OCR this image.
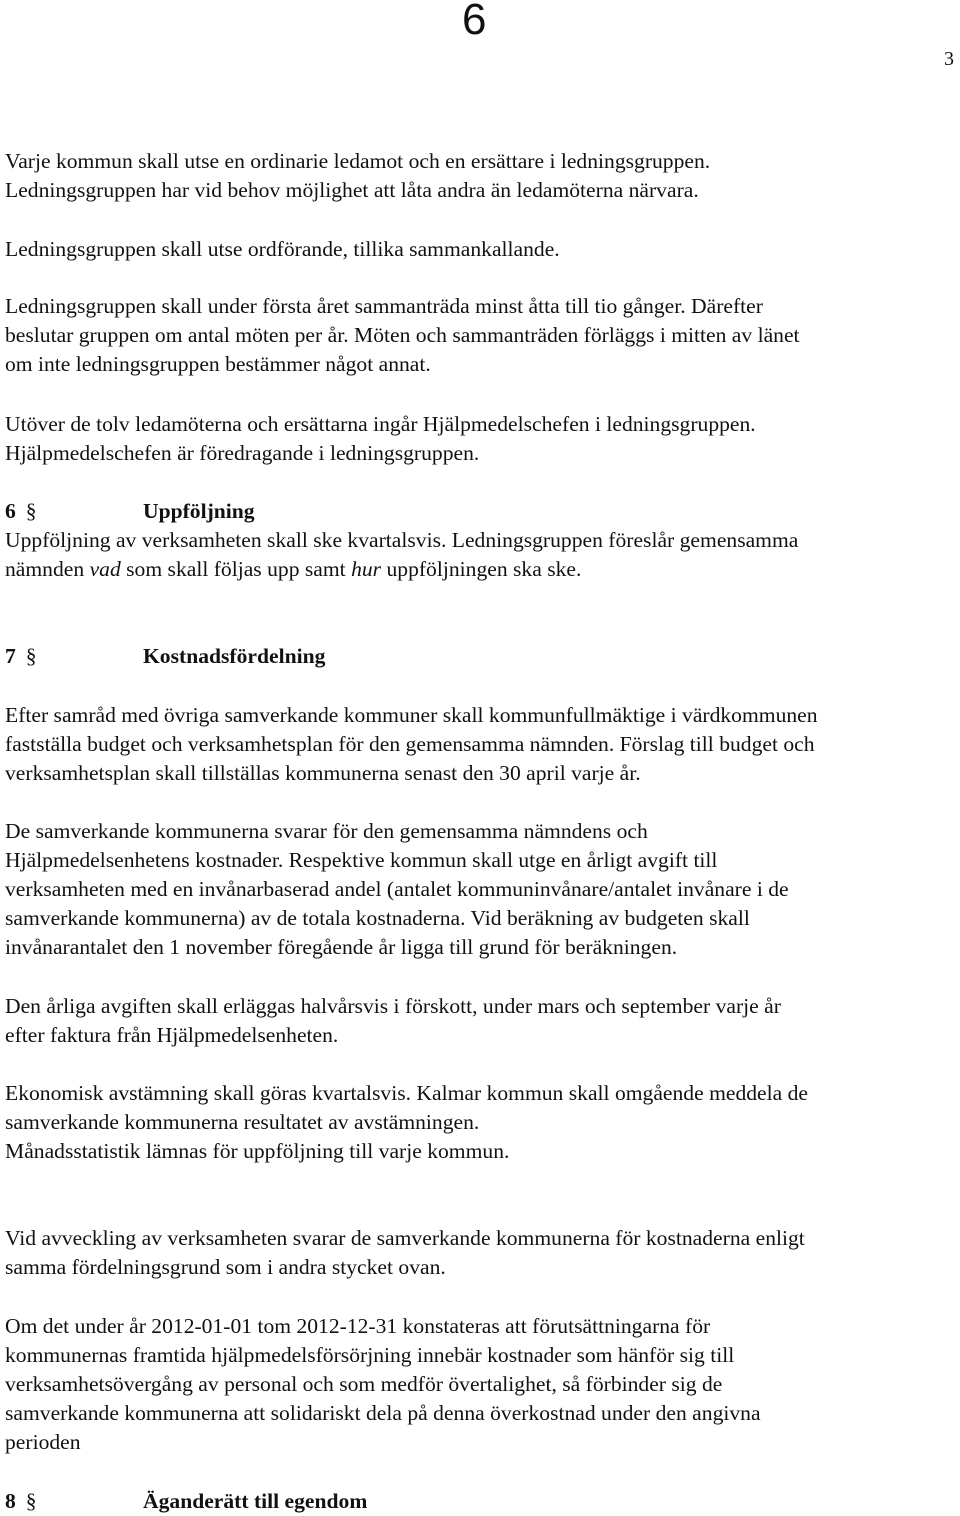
6
3
Varje kommun skall utse en ordinarie ledamot och en ersättare i ledningsgruppen.
Ledningsgruppen har vid behov möjlighet att låta andra än ledamöterna närvara.
Ledningsgruppen skall utse ordförande, tillika sammankallande.
Ledningsgruppen skall under första året sammanträda minst åtta till tio gånger. Därefter
beslutar gruppen om antal möten per år. Möten och sammanträden förläggs i mitten av länet
om inte ledningsgruppen bestämmer något annat.
Utöver de tolv ledamöterna och ersättarna ingår Hjälpmedelschefen i ledningsgruppen.
Hjälpmedelschefen är föredragande i ledningsgruppen.
6 §	Uppföljning
Uppföljning av verksamheten skall ske kvartalsvis. Ledningsgruppen föreslår gemensamma
nämnden vad som skall följas upp samt hur uppföljningen ska ske.
7 §	Kostnadsfördelning
Efter samråd med övriga samverkande kommuner skall kommunfullmäktige i värdkommunen
fastställa budget och verksamhetsplan för den gemensamma nämnden. Förslag till budget och
verksamhetsplan skall tillställas kommunerna senast den 30 april varje år.
De samverkande kommunerna svarar för den gemensamma nämndens och
Hjälpmedelsenhetens kostnader. Respektive kommun skall utge en årligt avgift till
verksamheten med en invånarbaserad andel (antalet kommuninvånare/antalet invånare i de
samverkande kommunerna) av de totala kostnaderna. Vid beräkning av budgeten skall
invånarantalet den 1 november föregående år ligga till grund för beräkningen.
Den årliga avgiften skall erläggas halvårsvis i förskott, under mars och september varje år
efter faktura från Hjälpmedelsenheten.
Ekonomisk avstämning skall göras kvartalsvis. Kalmar kommun skall omgående meddela de
samverkande kommunerna resultatet av avstämningen.
Månadsstatistik lämnas för uppföljning till varje kommun.
Vid avveckling av verksamheten svarar de samverkande kommunerna för kostnaderna enligt
samma fördelningsgrund som i andra stycket ovan.
Om det under år 2012-01-01 tom 2012-12-31 konstateras att förutsättningarna för
kommunernas framtida hjälpmedelsförsörjning innebär kostnader som hänför sig till
verksamhetsövergång av personal och som medför övertalighet, så förbinder sig de
samverkande kommunerna att solidariskt dela på denna överkostnad under den angivna
perioden
8 §	Äganderätt till egendom
